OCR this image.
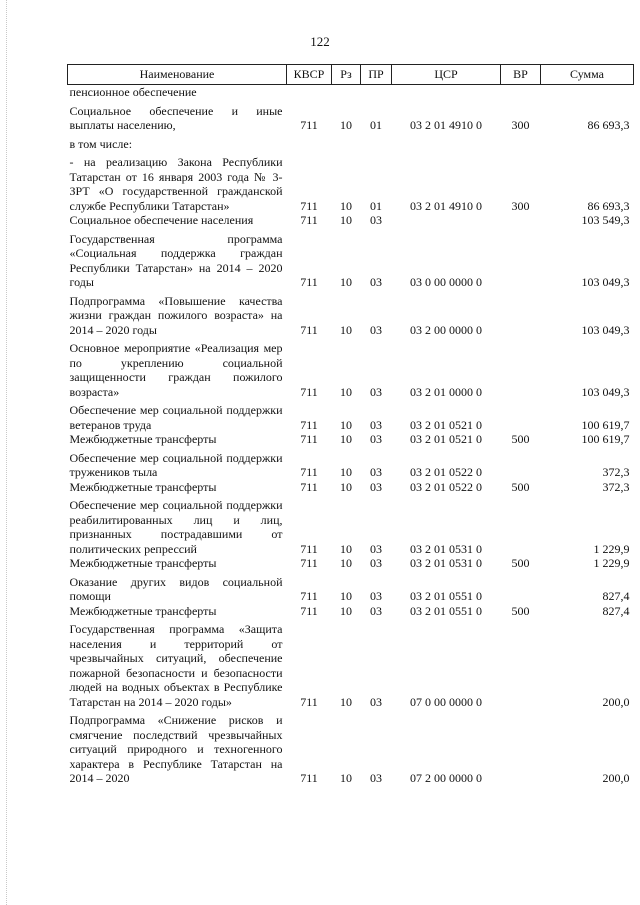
122
Наименование	КВСР	Рз	ПР	ЦСР	ВР	Сумма
пенсионное обеспечение						
Социальное обеспечение и иные выплаты населению,	711	10	01	03 2 01 4910 0	300	86 693,3
в том числе:						
- на реализацию Закона Республики Татарстан от 16 января 2003 года № 3-ЗРТ «О государственной гражданской службе Республики Татарстан»	711	10	01	03 2 01 4910 0	300	86 693,3
Социальное обеспечение населения	711	10	03			103 549,3
Государственная программа «Социальная поддержка граждан Республики Татарстан» на 2014 – 2020 годы	711	10	03	03 0 00 0000 0		103 049,3
Подпрограмма «Повышение качества жизни граждан пожилого возраста» на 2014 – 2020 годы	711	10	03	03 2 00 0000 0		103 049,3
Основное мероприятие «Реализация мер по укреплению социальной защищенности граждан пожилого возраста»	711	10	03	03 2 01 0000 0		103 049,3
Обеспечение мер социальной поддержки ветеранов труда	711	10	03	03 2 01 0521 0		100 619,7
Межбюджетные трансферты	711	10	03	03 2 01 0521 0	500	100 619,7
Обеспечение мер социальной поддержки тружеников тыла	711	10	03	03 2 01 0522 0		372,3
Межбюджетные трансферты	711	10	03	03 2 01 0522 0	500	372,3
Обеспечение мер социальной поддержки реабилитированных лиц и лиц, признанных пострадавшими от политических репрессий	711	10	03	03 2 01 0531 0		1 229,9
Межбюджетные трансферты	711	10	03	03 2 01 0531 0	500	1 229,9
Оказание других видов социальной помощи	711	10	03	03 2 01 0551 0		827,4
Межбюджетные трансферты	711	10	03	03 2 01 0551 0	500	827,4
Государственная программа «Защита населения и территорий от чрезвычайных ситуаций, обеспечение пожарной безопасности и безопасности людей на водных объектах в Республике Татарстан на 2014 – 2020 годы»	711	10	03	07 0 00 0000 0		200,0
Подпрограмма «Снижение рисков и смягчение последствий чрезвычайных ситуаций природного и техногенного характера в Республике Татарстан на 2014 – 2020	711	10	03	07 2 00 0000 0		200,0
